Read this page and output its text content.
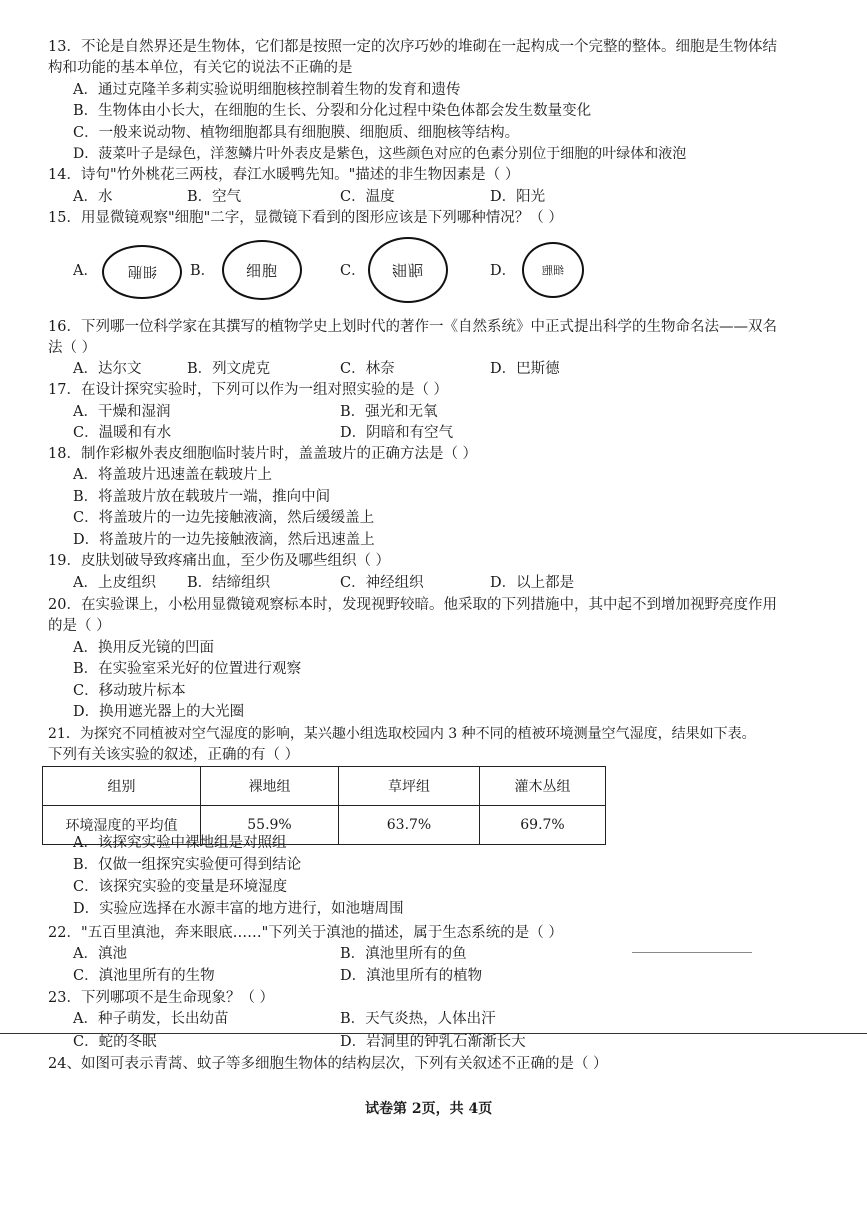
13．不论是自然界还是生物体，它们都是按照一定的次序巧妙的堆砌在一起构成一个完整的整体。细胞是生物体结
构和功能的基本单位，有关它的说法不正确的是
A．通过克隆羊多莉实验说明细胞核控制着生物的发育和遗传
B．生物体由小长大，在细胞的生长、分裂和分化过程中染色体都会发生数量变化
C．一般来说动物、植物细胞都具有细胞膜、细胞质、细胞核等结构。
D．菠菜叶子是绿色，洋葱鳞片叶外表皮是紫色，这些颜色对应的色素分别位于细胞的叶绿体和液泡
14．诗句"竹外桃花三两枝，春江水暖鸭先知。"描述的非生物因素是（ ）
A．水	B．空气	C．温度	D．阳光
15．用显微镜观察"细胞"二字，显微镜下看到的图形应该是下列哪种情况？（ ）
A． 细胞 B． 细胞	C． 细胞	D． 细胞
16．下列哪一位科学家在其撰写的植物学史上划时代的著作一《自然系统》中正式提出科学的生物命名法——双名
法（ ）
A．达尔文	B．列文虎克	C．林奈	D．巴斯德
17．在设计探究实验时，下列可以作为一组对照实验的是（ ）
A．干燥和湿润	B．强光和无氧
C．温暖和有水	D．阴暗和有空气
18．制作彩椒外表皮细胞临时装片时，盖盖玻片的正确方法是（ ）
A．将盖玻片迅速盖在载玻片上
B．将盖玻片放在载玻片一端，推向中间
C．将盖玻片的一边先接触液滴，然后缓缓盖上
D．将盖玻片的一边先接触液滴，然后迅速盖上
19．皮肤划破导致疼痛出血，至少伤及哪些组织（ ）
A．上皮组织 B．结缔组织	C．神经组织	D．以上都是
20．在实验课上，小松用显微镜观察标本时，发现视野较暗。他采取的下列措施中，其中起不到增加视野亮度作用
的是（ ）
A．换用反光镜的凹面
B．在实验室采光好的位置进行观察
C．移动玻片标本
D．换用遮光器上的大光圈
21．为探究不同植被对空气湿度的影响，某兴趣小组选取校园内 3 种不同的植被环境测量空气湿度，结果如下表。
下列有关该实验的叙述，正确的有（ ）
组别	裸地组	草坪组	灌木丛组
环境湿度的平均值	55.9%	63.7%	69.7%
A．该探究实验中裸地组是对照组
B．仅做一组探究实验便可得到结论
C．该探究实验的变量是环境湿度
D．实验应选择在水源丰富的地方进行，如池塘周围
22．"五百里滇池，奔来眼底……"下列关于滇池的描述，属于生态系统的是（ ）
A．滇池	B．滇池里所有的鱼
C．滇池里所有的生物	D．滇池里所有的植物
23．下列哪项不是生命现象？（ ）
A．种子萌发，长出幼苗	B．天气炎热，人体出汗
C．蛇的冬眠	D．岩洞里的钟乳石渐渐长大
24、如图可表示青蒿、蚊子等多细胞生物体的结构层次，下列有关叙述不正确的是（ ）
试卷第 2页，共 4页
